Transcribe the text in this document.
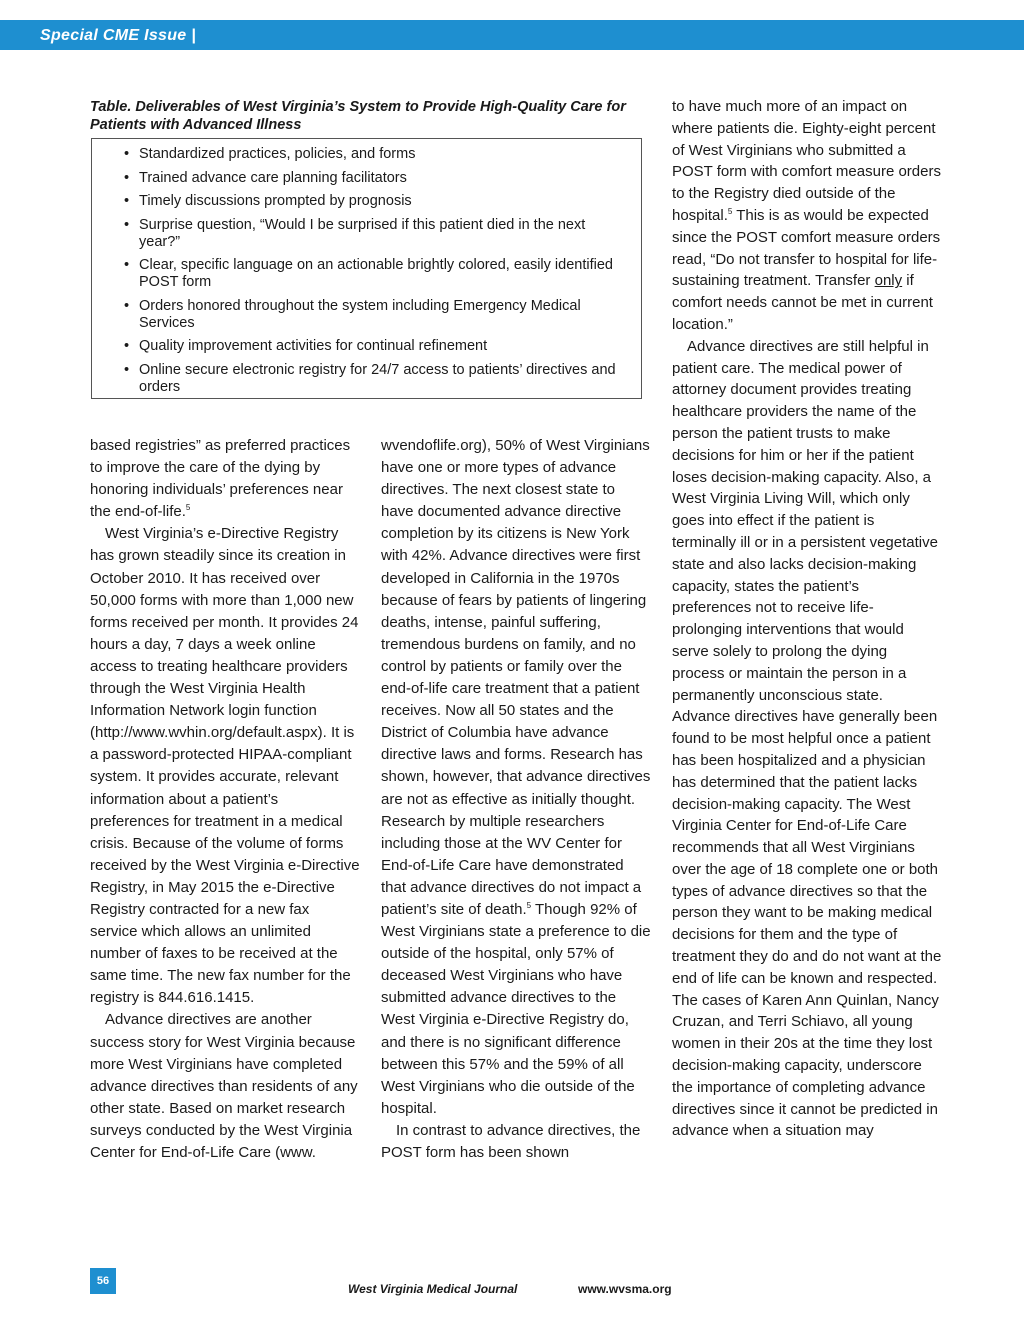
Special CME Issue |
Table. Deliverables of West Virginia’s System to Provide High-Quality Care for Patients with Advanced Illness
• Standardized practices, policies, and forms
• Trained advance care planning facilitators
• Timely discussions prompted by prognosis
• Surprise question, “Would I be surprised if this patient died in the next year?”
• Clear, specific language on an actionable brightly colored, easily identified POST form
• Orders honored throughout the system including Emergency Medical Services
• Quality improvement activities for continual refinement
• Online secure electronic registry for 24/7 access to patients’ directives and orders

based registries” as preferred practices to improve the care of the dying by honoring individuals’ preferences near the end-of-life.$^5$

West Virginia’s e-Directive Registry has grown steadily since its creation in October 2010. It has received over 50,000 forms with more than 1,000 new forms received per month. It provides 24 hours a day, 7 days a week online access to treating healthcare providers through the West Virginia Health Information Network login function (http://www.wvhin.org/default.aspx). It is a password-protected HIPAA-compliant system. It provides accurate, relevant information about a patient’s preferences for treatment in a medical crisis. Because of the volume of forms received by the West Virginia e-Directive Registry, in May 2015 the e-Directive Registry contracted for a new fax service which allows an unlimited number of faxes to be received at the same time. The new fax number for the registry is 844.616.1415.

Advance directives are another success story for West Virginia because more West Virginians have completed advance directives than residents of any other state. Based on market research surveys conducted by the West Virginia Center for End-of-Life Care (www.

wvendoflife.org), 50% of West Virginians have one or more types of advance directives. The next closest state to have documented advance directive completion by its citizens is New York with 42%. Advance directives were first developed in California in the 1970s because of fears by patients of lingering deaths, intense, painful suffering, tremendous burdens on family, and no control by patients or family over the end-of-life care treatment that a patient receives. Now all 50 states and the District of Columbia have advance directive laws and forms. Research has shown, however, that advance directives are not as effective as initially thought. Research by multiple researchers including those at the WV Center for End-of-Life Care have demonstrated that advance directives do not impact a patient’s site of death.$^5$ Though 92% of West Virginians state a preference to die outside of the hospital, only 57% of deceased West Virginians who have submitted advance directives to the West Virginia e-Directive Registry do, and there is no significant difference between this 57% and the 59% of all West Virginians who die outside of the hospital.

In contrast to advance directives, the POST form has been shown

to have much more of an impact on where patients die. Eighty-eight percent of West Virginians who submitted a POST form with comfort measure orders to the Registry died outside of the hospital.$^5$ This is as would be expected since the POST comfort measure orders read, “Do not transfer to hospital for life-sustaining treatment. Transfer only if comfort needs cannot be met in current location.”

Advance directives are still helpful in patient care. The medical power of attorney document provides treating healthcare providers the name of the person the patient trusts to make decisions for him or her if the patient loses decision-making capacity. Also, a West Virginia Living Will, which only goes into effect if the patient is terminally ill or in a persistent vegetative state and also lacks decision-making capacity, states the patient’s preferences not to receive life-prolonging interventions that would serve solely to prolong the dying process or maintain the person in a permanently unconscious state. Advance directives have generally been found to be most helpful once a patient has been hospitalized and a physician has determined that the patient lacks decision-making capacity. The West Virginia Center for End-of-Life Care recommends that all West Virginians over the age of 18 complete one or both types of advance directives so that the person they want to be making medical decisions for them and the type of treatment they do and do not want at the end of life can be known and respected. The cases of Karen Ann Quinlan, Nancy Cruzan, and Terri Schiavo, all young women in their 20s at the time they lost decision-making capacity, underscore the importance of completing advance directives since it cannot be predicted in advance when a situation may

56
West Virginia Medical Journal	www.wvsma.org
